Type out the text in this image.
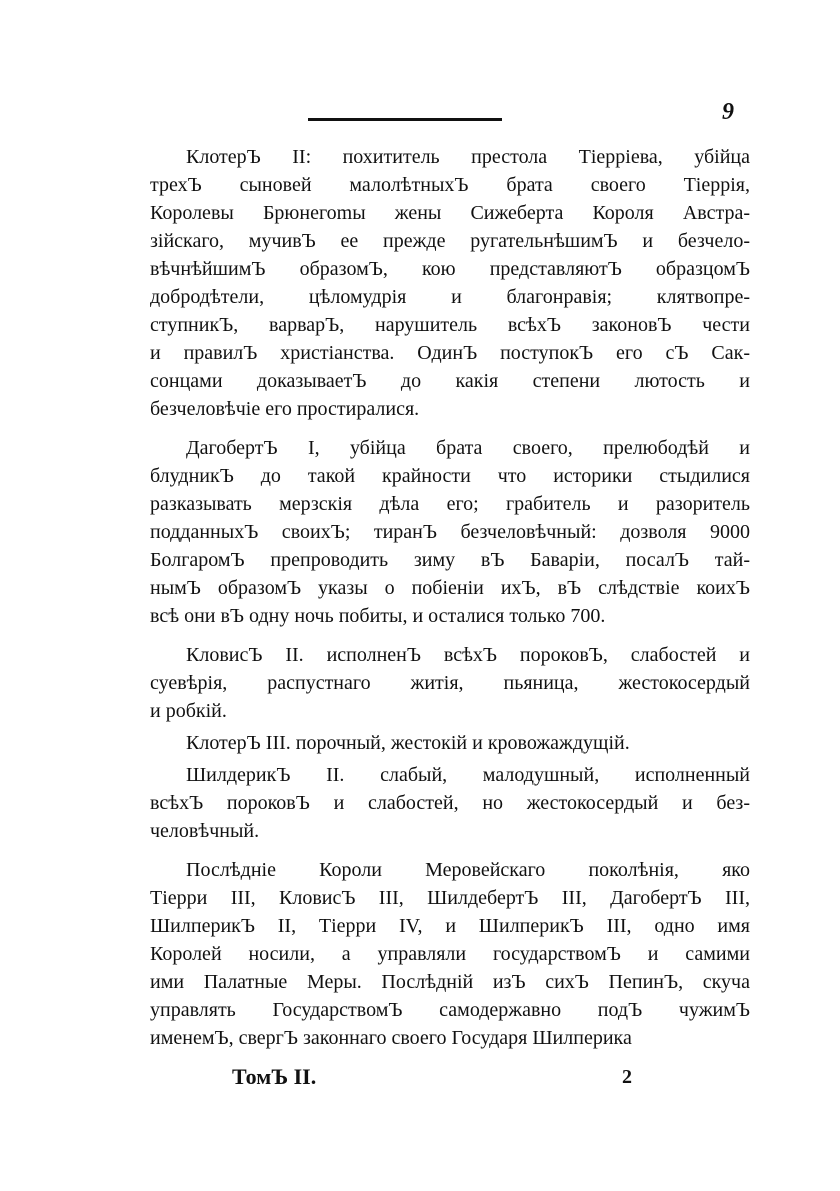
9
КлотерЪ II: похититель престола Тіерріева, убійца
трехЪ сыновей малолѣтныхЪ брата своего Тіеррія,
Королевы Брюнегоmы жены Сижеберта Короля Австра-
зійскаго, мучивЪ ее прежде ругательнѣшимЪ и безчело-
вѣчнѣйшимЪ образомЪ, кою представляютЪ образцомЪ
добродѣтели, цѣломудрія и благонравія; клятвопре-
ступникЪ, варварЪ, нарушитель всѣхЪ законовЪ чести
и правилЪ христіанства. ОдинЪ поступокЪ его сЪ Сак-
сонцами доказываетЪ до какія степени лютость и
безчеловѣчіе его простиралися.
ДагобертЪ I, убійца брата своего, прелюбодѣй и
блудникЪ до такой крайности что историки стыдилися
разказывать мерзскія дѣла его; грабитель и разоритель
подданныхЪ своихЪ; тиранЪ безчеловѣчный: дозволя 9000
БолгаромЪ препроводить зиму вЪ Баваріи, посалЪ тай-
нымЪ образомЪ указы о побіеніи ихЪ, вЪ слѣдствіе коихЪ
всѣ они вЪ одну ночь побиты, и осталися только 700.
КловисЪ II. исполненЪ всѣхЪ пороковЪ, слабостей и
суевѣрія, распустнаго житія, пьяница, жестокосердый
и робкій.
КлотерЪ III. порочный, жестокій и кровожаждущій.
ШилдерикЪ II. слабый, малодушный, исполненный
всѣхЪ пороковЪ и слабостей, но жестокосердый и без-
человѣчный.
Послѣдніе Короли Меровейскаго поколѣнія, яко
Тіерри III, КловисЪ III, ШилдебертЪ III, ДагобертЪ III,
ШилперикЪ II, Тіерри IV, и ШилперикЪ III, одно имя
Королей носили, а управляли государствомЪ и самими
ими Палатные Меры. Послѣдній изЪ сихЪ ПепинЪ, скуча
управлять ГосударствомЪ самодержавно подЪ чужимЪ
именемЪ, свергЪ законнаго своего Государя Шилперика
ТомЪ II.	2
